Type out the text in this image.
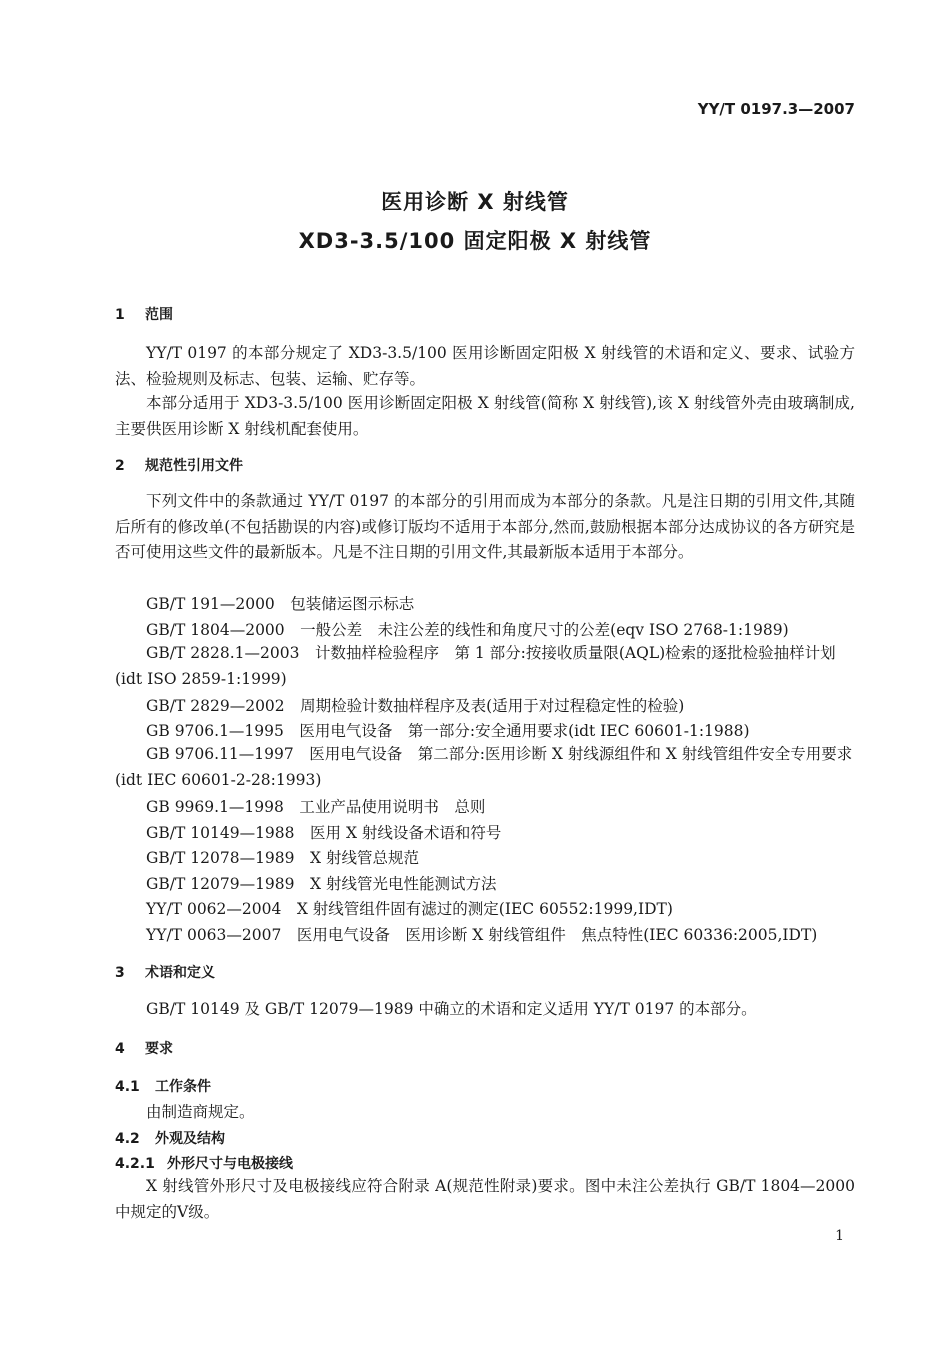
YY/T 0197.3—2007
医用诊断 X 射线管
XD3-3.5/100 固定阳极 X 射线管
1 范围
YY/T 0197 的本部分规定了 XD3-3.5/100 医用诊断固定阳极 X 射线管的术语和定义、要求、试验方法、检验规则及标志、包装、运输、贮存等。
本部分适用于 XD3-3.5/100 医用诊断固定阳极 X 射线管(简称 X 射线管),该 X 射线管外壳由玻璃制成,主要供医用诊断 X 射线机配套使用。
2 规范性引用文件
下列文件中的条款通过 YY/T 0197 的本部分的引用而成为本部分的条款。凡是注日期的引用文件,其随后所有的修改单(不包括勘误的内容)或修订版均不适用于本部分,然而,鼓励根据本部分达成协议的各方研究是否可使用这些文件的最新版本。凡是不注日期的引用文件,其最新版本适用于本部分。
GB/T 191—2000　包装储运图示标志
GB/T 1804—2000　一般公差　未注公差的线性和角度尺寸的公差(eqv ISO 2768-1:1989)
GB/T 2828.1—2003　计数抽样检验程序　第 1 部分:按接收质量限(AQL)检索的逐批检验抽样计划(idt ISO 2859-1:1999)
GB/T 2829—2002　周期检验计数抽样程序及表(适用于对过程稳定性的检验)
GB 9706.1—1995　医用电气设备　第一部分:安全通用要求(idt IEC 60601-1:1988)
GB 9706.11—1997　医用电气设备　第二部分:医用诊断 X 射线源组件和 X 射线管组件安全专用要求(idt IEC 60601-2-28:1993)
GB 9969.1—1998　工业产品使用说明书　总则
GB/T 10149—1988　医用 X 射线设备术语和符号
GB/T 12078—1989　X 射线管总规范
GB/T 12079—1989　X 射线管光电性能测试方法
YY/T 0062—2004　X 射线管组件固有滤过的测定(IEC 60552:1999,IDT)
YY/T 0063—2007　医用电气设备　医用诊断 X 射线管组件　焦点特性(IEC 60336:2005,IDT)
3 术语和定义
GB/T 10149 及 GB/T 12079—1989 中确立的术语和定义适用 YY/T 0197 的本部分。
4 要求
4.1 工作条件
由制造商规定。
4.2 外观及结构
4.2.1 外形尺寸与电极接线
X 射线管外形尺寸及电极接线应符合附录 A(规范性附录)要求。图中未注公差执行 GB/T 1804—2000 中规定的Ⅴ级。
1
